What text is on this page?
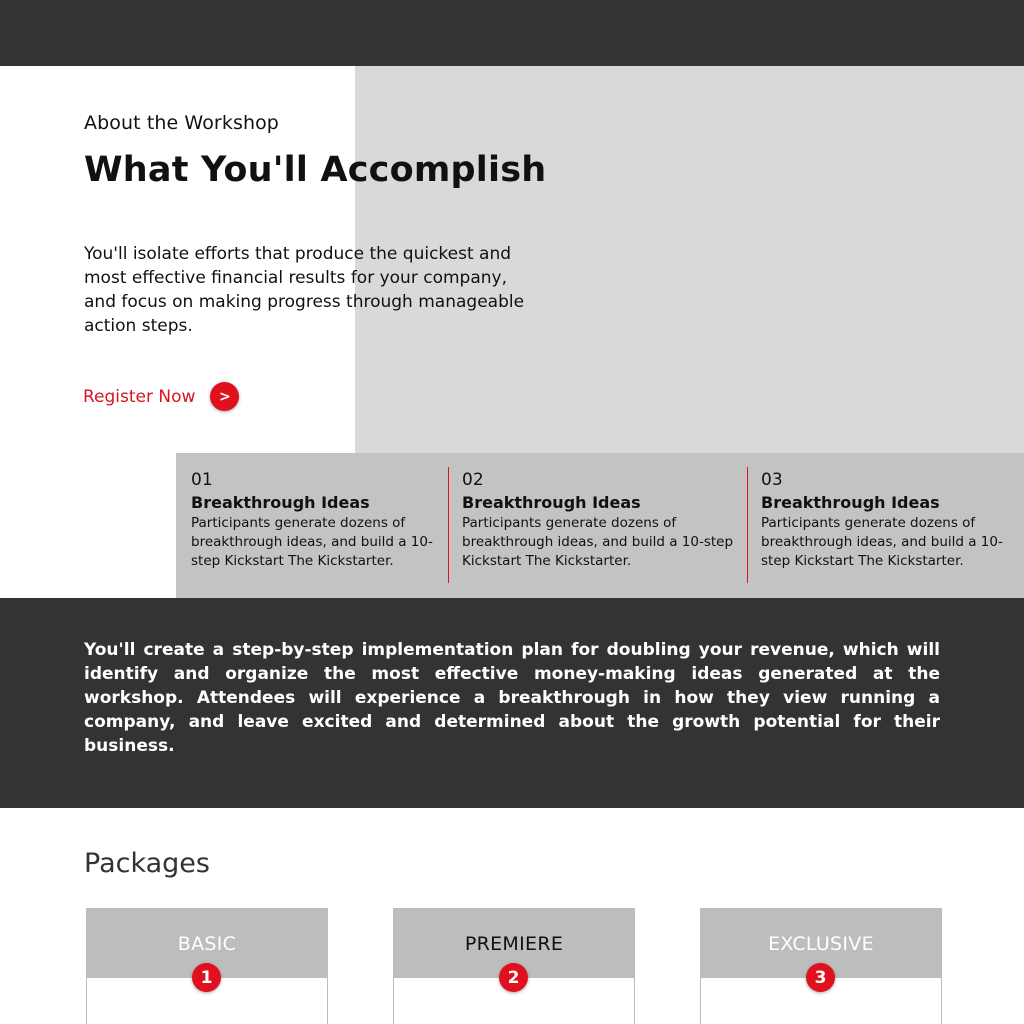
About the Workshop
What You'll Accomplish

You'll isolate efforts that produce the quickest and most effective financial results for your company, and focus on making progress through manageable action steps.

Register Now	>
01
Breakthrough Ideas
Participants generate dozens of breakthrough ideas, and build a 10-step Kickstart The Kickstarter.
02
Breakthrough Ideas
Participants generate dozens of breakthrough ideas, and build a 10-step Kickstart The Kickstarter.
03
Breakthrough Ideas
Participants generate dozens of breakthrough ideas, and build a 10-step Kickstart The Kickstarter.

You'll create a step-by-step implementation plan for doubling your revenue, which will identify and organize the most effective money-making ideas generated at the workshop. Attendees will experience a breakthrough in how they view running a company, and leave excited and determined about the growth potential for their business.

Packages
BASIC
1
PREMIERE
2
EXCLUSIVE
3
